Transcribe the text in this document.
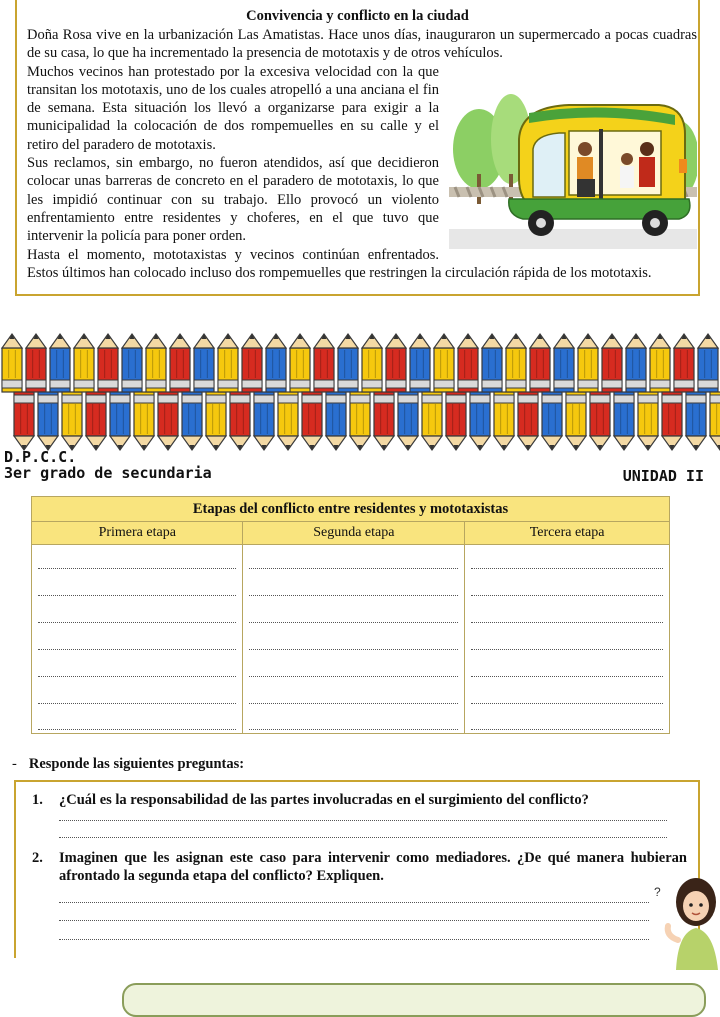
Convivencia y conflicto en la ciudad

Doña Rosa vive en la urbanización Las Amatistas. Hace unos días, inauguraron un supermercado a pocas cuadras de su casa, lo que ha incrementado la presencia de mototaxis y de otros vehículos.

Muchos vecinos han protestado por la excesiva velocidad con la que transitan los mototaxis, uno de los cuales atropelló a una anciana el fin de semana. Esta situación los llevó a organizarse para exigir a la municipalidad la colocación de dos rompemuelles en su calle y el retiro del paradero de mototaxis.

Sus reclamos, sin embargo, no fueron atendidos, así que decidieron colocar unas barreras de concreto en el paradero de mototaxis, lo que les impidió continuar con su trabajo. Ello provocó un violento enfrentamiento entre residentes y choferes, en el que tuvo que intervenir la policía para poner orden.

Hasta el momento, mototaxistas y vecinos continúan enfrentados. Estos últimos han colocado incluso dos rompemuelles que restringen la circulación rápida de los mototaxis.

D.P.C.C.
3er grado de secundaria	UNIDAD II
Etapas del conflicto entre residentes y mototaxistas		
Primera etapa	Segunda etapa	Tercera etapa

- Responde las siguientes preguntas:
1. ¿Cuál es la responsabilidad de las partes involucradas en el surgimiento del conflicto?
2. Imaginen que les asignan este caso para intervenir como mediadores. ¿De qué manera hubieran afrontado la segunda etapa del conflicto? Expliquen.
?
